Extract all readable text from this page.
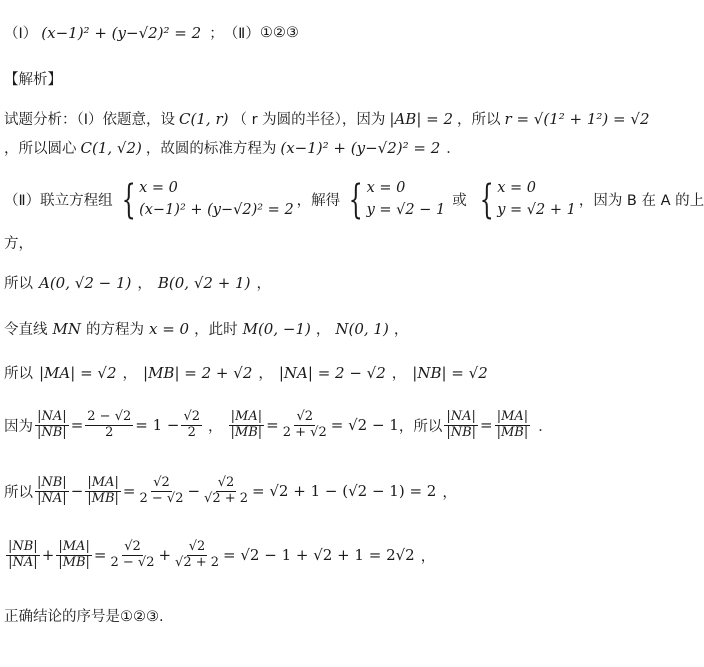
（Ⅰ） (x−1)² + (y−√2)² = 2 ； （Ⅱ） ①②③
【解析】
试题分析：（Ⅰ）依题意，设 C(1, r) （ r 为圆的半径），因为 |AB| = 2 ，所以 r = √(1² + 1²) = √2
，所以圆心 C(1, √2) ，故圆的标准方程为 (x−1)² + (y−√2)² = 2 ．
（Ⅱ）联立方程组 { x = 0
(x−1)² + (y−√2)² = 2
，解得 { x = 0
y = √2 − 1
或 { x = 0
y = √2 + 1
，因为 B 在 A 的上
方，
所以 A(0, √2 − 1) ， B(0, √2 + 1) ，
令直线 MN 的方程为 x = 0 ，此时 M(0, −1) ， N(0, 1) ，
所以 |MA| = √2 ， |MB| = 2 + √2 ， |NA| = 2 − √2 ， |NB| = √2
因为 $\frac{|NA|}{|NB|} = \frac{2 - √2}{2} = 1 - \frac{√2}{2}$ ， $\frac{|MA|}{|MB|} = \frac{√2}{2 + √2} = √2 - 1$ ，所以 $\frac{|NA|}{|NB|} = \frac{|MA|}{|MB|}$ ．
所以 $\frac{|NB|}{|NA|} - \frac{|MA|}{|MB|} = \frac{√2}{2 - √2} - \frac{√2}{√2 + 2} = √2 + 1 - (√2 - 1) = 2$ ，
$\frac{|NB|}{|NA|} + \frac{|MA|}{|MB|} = \frac{√2}{2 - √2} + \frac{√2}{√2 + 2} = √2 - 1 + √2 + 1 = 2√2$ ，
正确结论的序号是①②③.
